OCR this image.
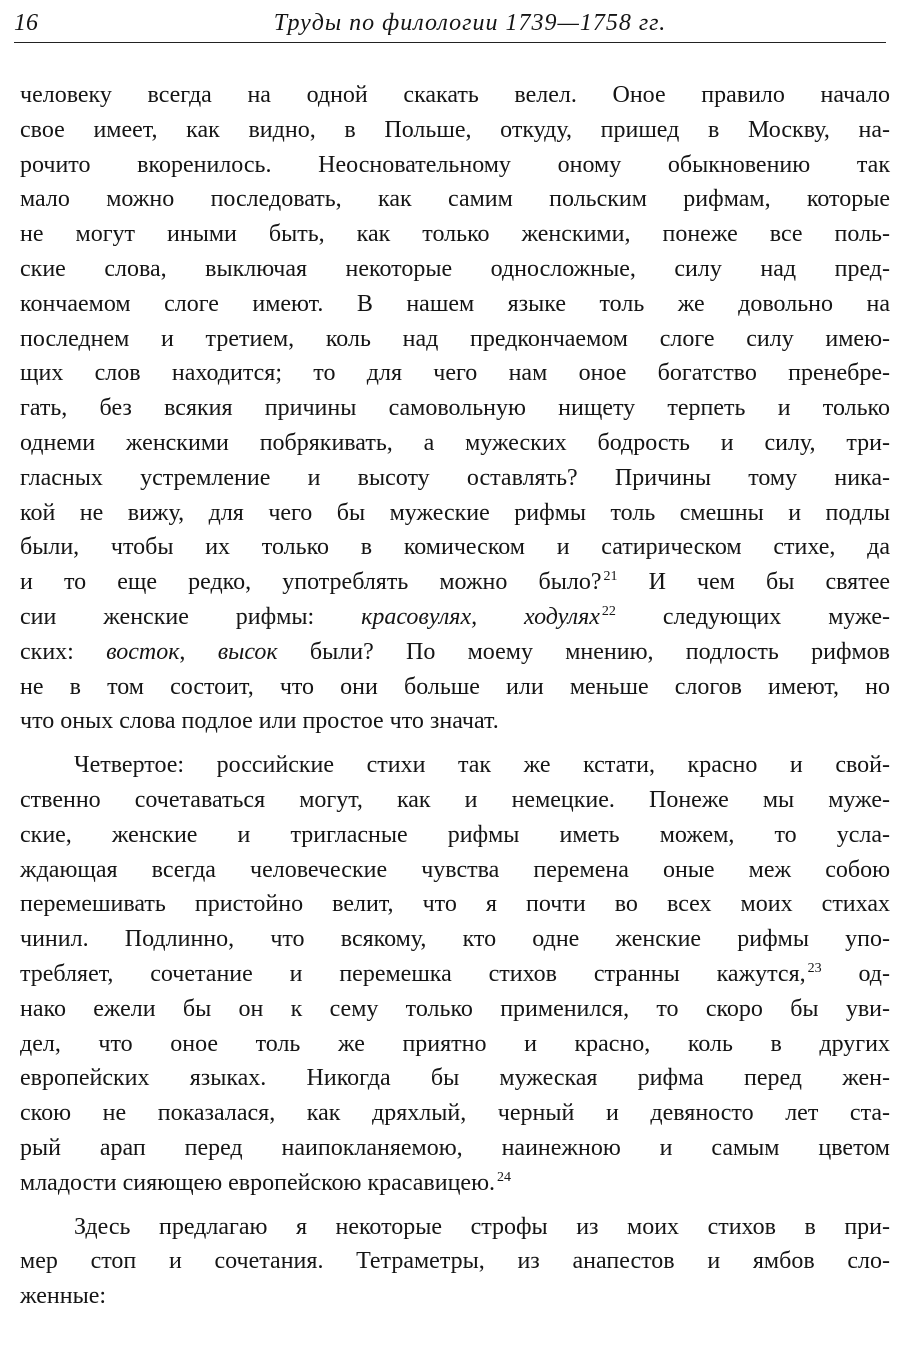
16	Труды по филологии 1739—1758 гг.
человеку всегда на одной скакать велел. Оное правило начало
свое имеет, как видно, в Польше, откуду, пришед в Москву, на-
рочито вкоренилось. Неосновательному оному обыкновению так
мало можно последовать, как самим польским рифмам, которые
не могут иными быть, как только женскими, понеже все поль-
ские слова, выключая некоторые односложные, силу над пред-
кончаемом слоге имеют. В нашем языке толь же довольно на
последнем и третием, коль над предкончаемом слоге силу имею-
щих слов находится; то для чего нам оное богатство пренебре-
гать, без всякия причины самовольную нищету терпеть и только
однеми женскими побрякивать, а мужеских бодрость и силу, три-
гласных устремление и высоту оставлять? Причины тому ника-
кой не вижу, для чего бы мужеские рифмы толь смешны и подлы
были, чтобы их только в комическом и сатирическом стихе, да
и то еще редко, употреблять можно было? $^{21}$ И чем бы святее
сии женские рифмы: красовулях, ходулях $^{22}$ следующих муже-
ских: восток, высок были? По моему мнению, подлость рифмов
не в том состоит, что они больше или меньше слогов имеют, но
что оных слова подлое или простое что значат.
Четвертое: российские стихи так же кстати, красно и свой-
ственно сочетаваться могут, как и немецкие. Понеже мы муже-
ские, женские и тригласные рифмы иметь можем, то усла-
ждающая всегда человеческие чувства перемена оные меж собою
перемешивать пристойно велит, что я почти во всех моих стихах
чинил. Подлинно, что всякому, кто одне женские рифмы упо-
требляет, сочетание и перемешка стихов странны кажутся, $^{23}$ од-
нако ежели бы он к сему только применился, то скоро бы уви-
дел, что оное толь же приятно и красно, коль в других
европейских языках. Никогда бы мужеская рифма перед жен-
скою не показалася, как дряхлый, черный и девяносто лет ста-
рый арап перед наипокланяемою, наинежною и самым цветом
младости сияющею европейскою красавицею. $^{24}$
Здесь предлагаю я некоторые строфы из моих стихов в при-
мер стоп и сочетания. Тетраметры, из анапестов и ямбов сло-
женные:
